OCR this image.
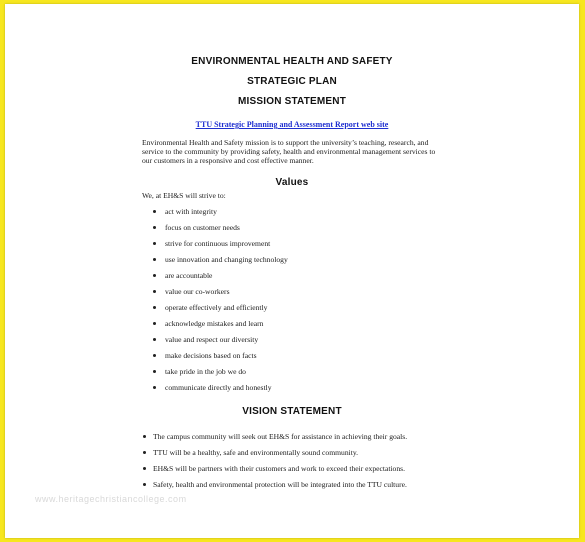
ENVIRONMENTAL HEALTH AND SAFETY
STRATEGIC PLAN
MISSION STATEMENT
TTU Strategic Planning and Assessment Report web site
Environmental Health and Safety mission is to support the university’s teaching, research, and
service to the community by providing safety, health and environmental management services to
our customers in a responsive and cost effective manner.
Values
We, at EH&S will strive to:
act with integrity
focus on customer needs
strive for continuous improvement
use innovation and changing technology
are accountable
value our co-workers
operate effectively and efficiently
acknowledge mistakes and learn
value and respect our diversity
make decisions based on facts
take pride in the job we do
communicate directly and honestly
VISION STATEMENT
The campus community will seek out EH&S for assistance in achieving their goals.
TTU will be a healthy, safe and environmentally sound community.
EH&S will be partners with their customers and work to exceed their expectations.
Safety, health and environmental protection will be integrated into the TTU culture.
www.heritagechristiancollege.com
